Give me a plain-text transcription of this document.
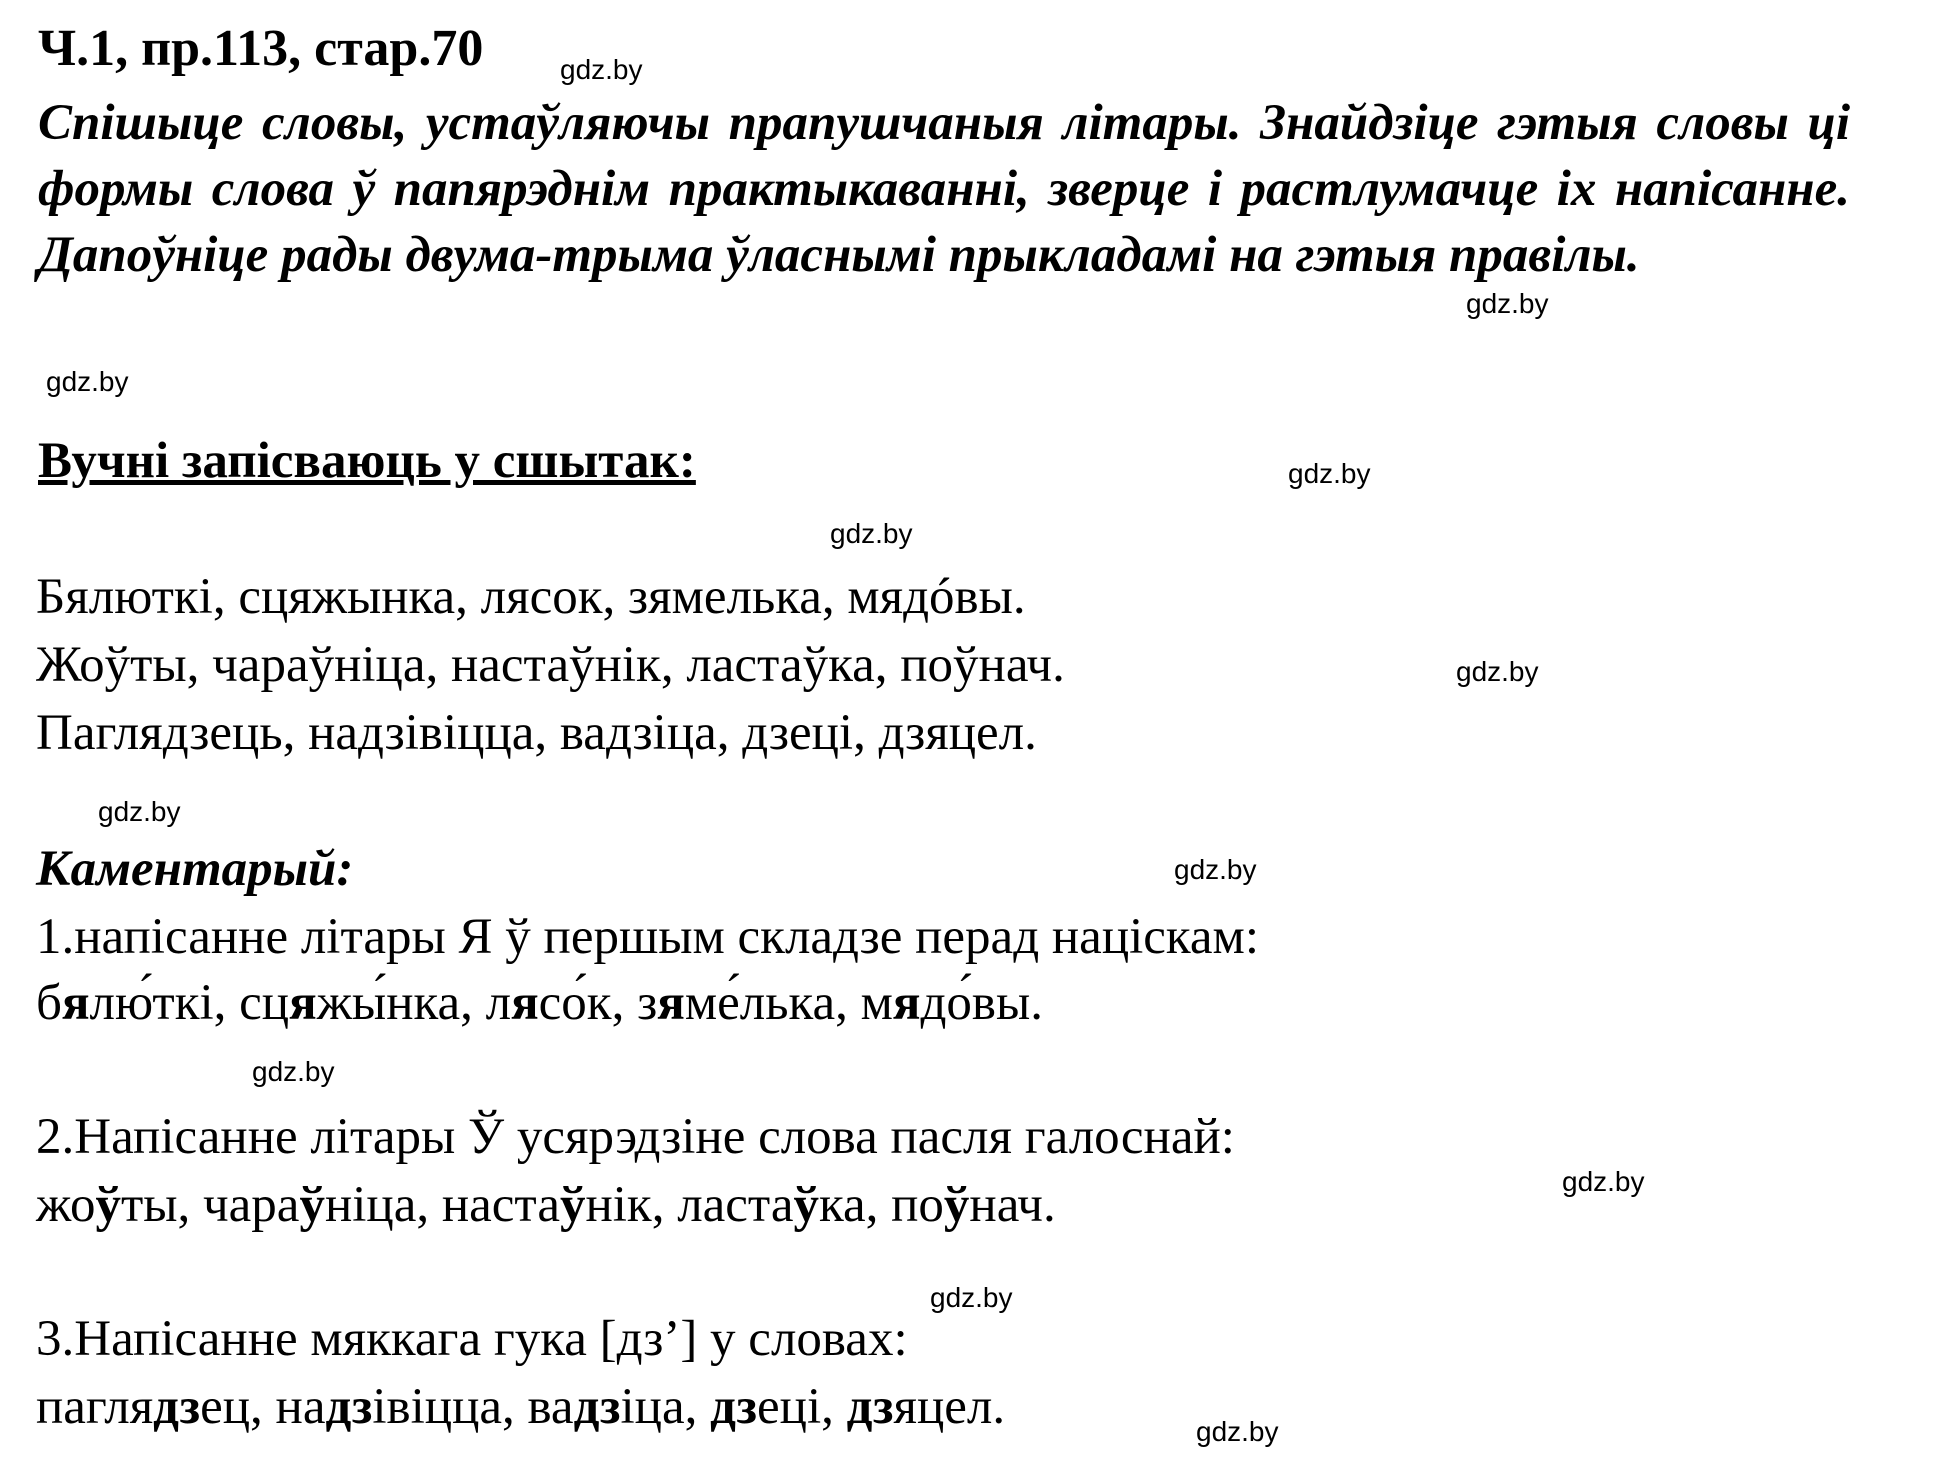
Ч.1, пр.113, стар.70	gdz.by
Спішыце словы, устаўляючы прапушчаныя літары. Знайдзіце гэтыя словы ці формы слова ў папярэднім практыкаванні, зверце і растлумачце іх напісанне. Дапоўніце рады двума-трыма ўласнымі прыкладамі на гэтыя правілы.
gdz.by
gdz.by
Вучні запісваюць у сшытак:	gdz.by
gdz.by
Бялюткі, сцяжынка, лясок, зямелька, мядóвы.
Жоўты, чараўніца, настаўнік, ластаўка, поўнач.	gdz.by
Паглядзець, надзівіцца, вадзіца, дзеці, дзяцел.
gdz.by
Каментарый:	gdz.by
1.напісанне літары Я ў першым складзе перад націскам:
бялю́ткі, сцяжы́нка, лясо́к, зяме́лька, мядо́вы.
gdz.by
2.Напісанне літары Ў усярэдзіне слова пасля галоснай:
gdz.by
жоўты, чараўніца, настаўнік, ластаўка, поўнач.
gdz.by
3.Напісанне мяккага гука [дз’] у словах:
паглядзец, надзівіцца, вадзіца, дзеці, дзяцел.	gdz.by
